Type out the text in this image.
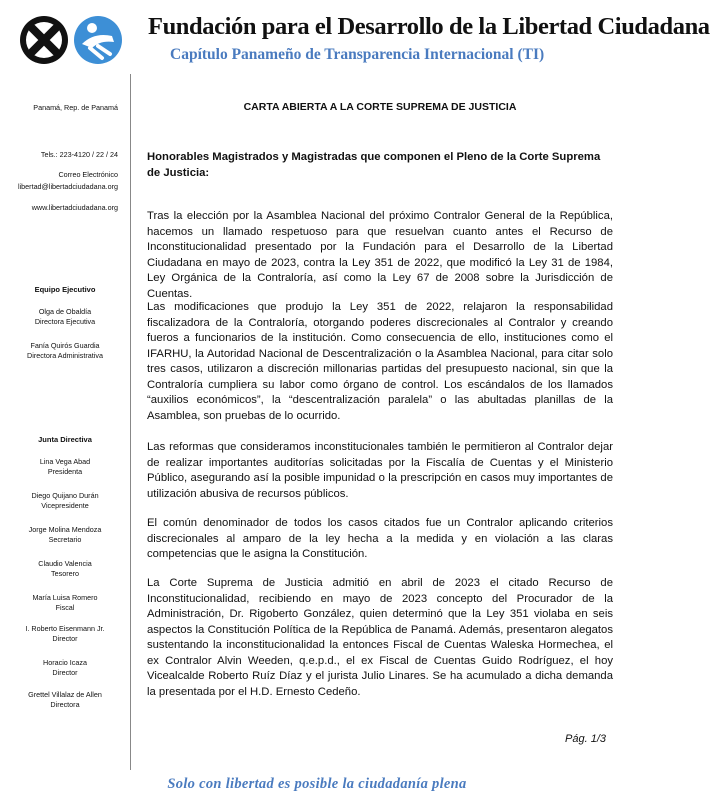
Fundación para el Desarrollo de la Libertad Ciudadana
Capítulo Panameño de Transparencia Internacional (TI)
Panamá, Rep. de Panamá
Tels.: 223-4120 / 22 / 24
Correo Electrónico
libertad@libertadciudadana.org
www.libertadciudadana.org
Equipo Ejecutivo
Olga de Obaldía
Directora Ejecutiva
Fanía Quirós Guardia
Directora Administrativa
Junta Directiva
Lina Vega Abad
Presidenta
Diego Quijano Durán
Vicepresidente
Jorge Molina Mendoza
Secretario
Claudio Valencia
Tesorero
María Luisa Romero
Fiscal
I. Roberto Eisenmann Jr.
Director
Horacio Icaza
Director
Grettel Villalaz de Allen
Directora
CARTA ABIERTA A LA CORTE SUPREMA DE JUSTICIA
Honorables Magistrados y Magistradas que componen el Pleno de la Corte Suprema de Justicia:
Tras la elección por la Asamblea Nacional del próximo Contralor General de la República, hacemos un llamado respetuoso para que resuelvan cuanto antes el Recurso de Inconstitucionalidad presentado por la Fundación para el Desarrollo de la Libertad Ciudadana en mayo de 2023, contra la Ley 351 de 2022, que modificó la Ley 31 de 1984, Ley Orgánica de la Contraloría, así como la Ley 67 de 2008 sobre la Jurisdicción de Cuentas.
Las modificaciones que produjo la Ley 351 de 2022, relajaron la responsabilidad fiscalizadora de la Contraloría, otorgando poderes discrecionales al Contralor y creando fueros a funcionarios de la institución. Como consecuencia de ello, instituciones como el IFARHU, la Autoridad Nacional de Descentralización o la Asamblea Nacional, para citar solo tres casos, utilizaron a discreción millonarias partidas del presupuesto nacional, sin que la Contraloría cumpliera su labor como órgano de control. Los escándalos de los llamados “auxilios económicos”, la “descentralización paralela” o las abultadas planillas de la Asamblea, son pruebas de lo ocurrido.
Las reformas que consideramos inconstitucionales también le permitieron al Contralor dejar de realizar importantes auditorías solicitadas por la Fiscalía de Cuentas y el Ministerio Público, asegurando así la posible impunidad o la prescripción en casos muy importantes de utilización abusiva de recursos públicos.
El común denominador de todos los casos citados fue un Contralor aplicando criterios discrecionales al amparo de la ley hecha a la medida y en violación a las claras competencias que le asigna la Constitución.
La Corte Suprema de Justicia admitió en abril de 2023 el citado Recurso de Inconstitucionalidad, recibiendo en mayo de 2023 concepto del Procurador de la Administración, Dr. Rigoberto González, quien determinó que la Ley 351 violaba en seis aspectos la Constitución Política de la República de Panamá. Además, presentaron alegatos sustentando la inconstitucionalidad la entonces Fiscal de Cuentas Waleska Hormechea, el ex Contralor Alvin Weeden, q.e.p.d., el ex Fiscal de Cuentas Guido Rodríguez, el hoy Vicealcalde Roberto Ruíz Díaz y el jurista Julio Linares. Se ha acumulado a dicha demanda la presentada por el H.D. Ernesto Cedeño.
Pág. 1/3
Solo con libertad es posible la ciudadanía plena
